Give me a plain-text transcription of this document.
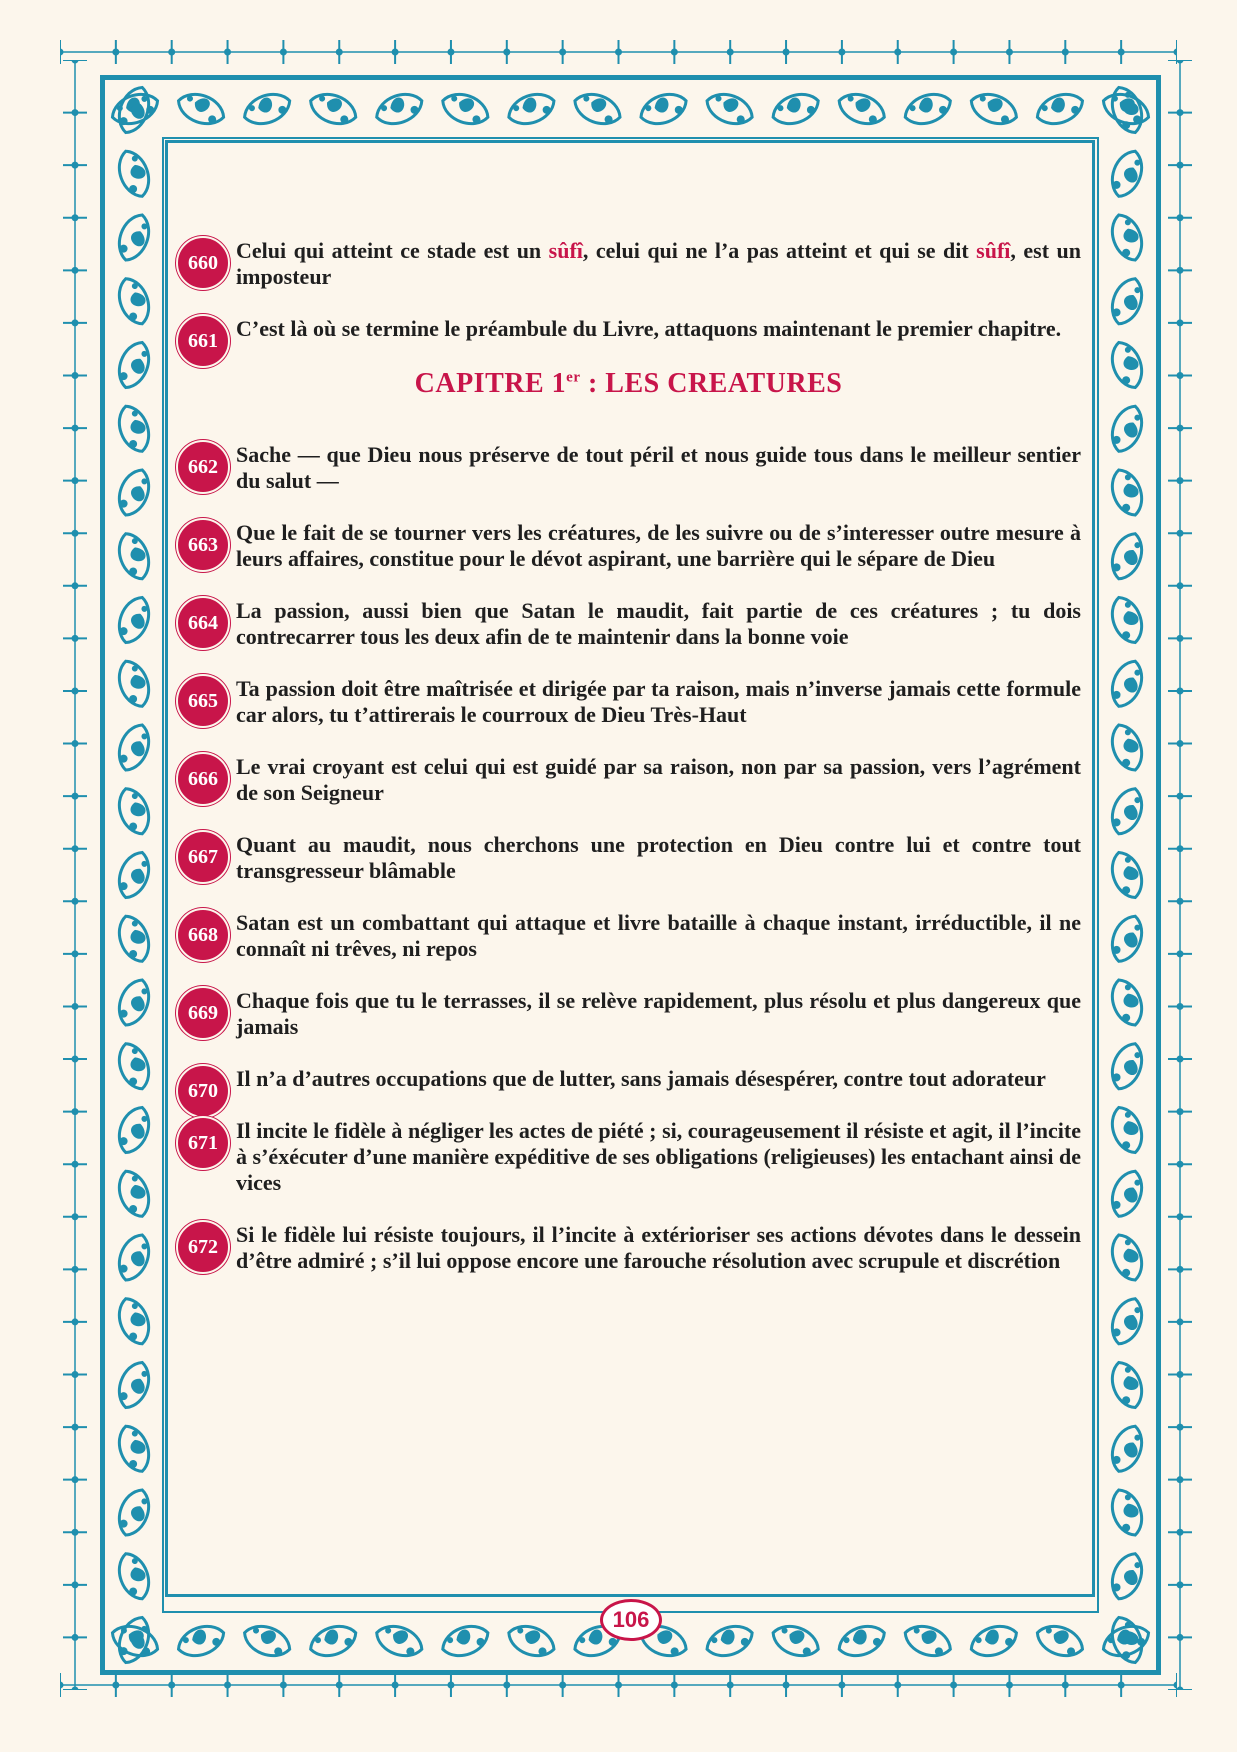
660 Celui qui atteint ce stade est un sûfî, celui qui ne l’a pas atteint et qui se dit sûfî, est un imposteur
661 C’est là où se termine le préambule du Livre, attaquons maintenant le premier chapitre.
CAPITRE 1er : LES CREATURES
662 Sache — que Dieu nous préserve de tout péril et nous guide tous dans le meilleur sentier du salut —
663 Que le fait de se tourner vers les créatures, de les suivre ou de s’interesser outre mesure à leurs affaires, constitue pour le dévot aspirant, une barrière qui le sépare de Dieu
664 La passion, aussi bien que Satan le maudit, fait partie de ces créatures ; tu dois contrecarrer tous les deux afin de te maintenir dans la bonne voie
665 Ta passion doit être maîtrisée et dirigée par ta raison, mais n’inverse jamais cette formule car alors, tu t’attirerais le courroux de Dieu Très-Haut
666 Le vrai croyant est celui qui est guidé par sa raison, non par sa passion, vers l’agrément de son Seigneur
667 Quant au maudit, nous cherchons une protection en Dieu contre lui et contre tout transgresseur blâmable
668 Satan est un combattant qui attaque et livre bataille à chaque instant, irréductible, il ne connaît ni trêves, ni repos
669 Chaque fois que tu le terrasses, il se relève rapidement, plus résolu et plus dangereux que jamais
670 Il n’a d’autres occupations que de lutter, sans jamais désespérer, contre tout adorateur
671 Il incite le fidèle à négliger les actes de piété ; si, courageusement il résiste et agit, il l’incite à s’éxécuter d’une manière expéditive de ses obligations (religieuses) les entachant ainsi de vices
672 Si le fidèle lui résiste toujours, il l’incite à extérioriser ses actions dévotes dans le dessein d’être admiré ; s’il lui oppose encore une farouche résolution avec scrupule et discrétion
106
